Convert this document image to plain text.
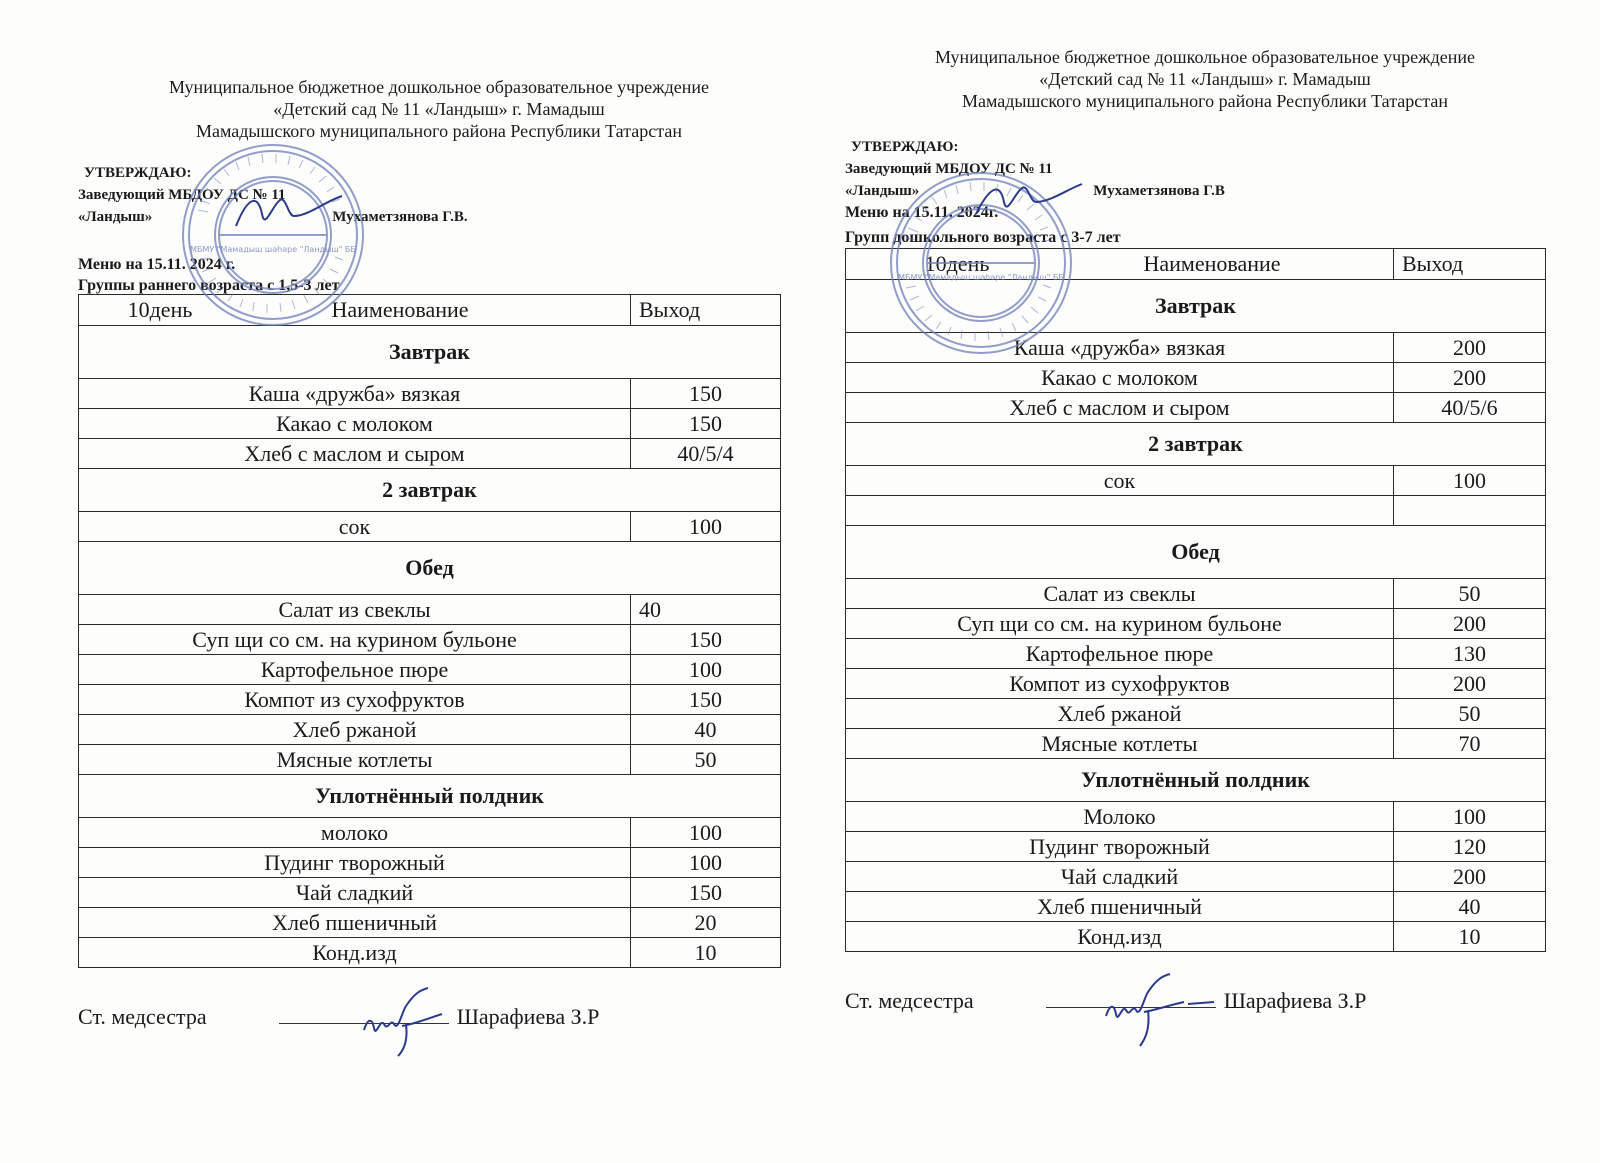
Муниципальное бюджетное дошкольное образовательное учреждение
«Детский сад № 11 «Ландыш» г. Мамадыш
Мамадышского муниципального района Республики Татарстан
УТВЕРЖДАЮ:
Заведующий МБДОУ ДС № 11
«Ландыш»	Мухаметзянова Г.В.
Меню на 15.11. 2024 г.
Группы раннего возраста с 1,5-3 лет
10день Наименование	Выход
Завтрак	
Каша «дружба» вязкая	150
Какао с молоком	150
Хлеб с маслом и сыром	40/5/4
2 завтрак	
сок	100
Обед	
Салат из свеклы	40
Суп щи со см. на курином бульоне	150
Картофельное пюре	100
Компот из сухофруктов	150
Хлеб ржаной	40
Мясные котлеты	50
Уплотнённый полдник	
молоко	100
Пудинг творожный	100
Чай сладкий	150
Хлеб пшеничный	20
Конд.изд	10
Ст. медсестра	Шарафиева З.Р
Муниципальное бюджетное дошкольное образовательное учреждение
«Детский сад № 11 «Ландыш» г. Мамадыш
Мамадышского муниципального района Республики Татарстан
УТВЕРЖДАЮ:
Заведующий МБДОУ ДС № 11
«Ландыш»	Мухаметзянова Г.В
Меню на 15.11. 2024г.
Групп дошкольного возраста с 3-7 лет
10день Наименование	Выход
Завтрак	
Каша «дружба» вязкая	200
Какао с молоком	200
Хлеб с маслом и сыром	40/5/6
2 завтрак	
сок	100

Обед	
Салат из свеклы	50
Суп щи со см. на курином бульоне	200
Картофельное пюре	130
Компот из сухофруктов	200
Хлеб ржаной	50
Мясные котлеты	70
Уплотнённый полдник	
Молоко	100
Пудинг творожный	120
Чай сладкий	200
Хлеб пшеничный	40
Конд.изд	10
Ст. медсестра	Шарафиева З.Р
МБМУ "Мамадыш шәһәре "Ландыш" ББ
МБМУ "Мамадыш шәһәре "Ландыш" ББ
